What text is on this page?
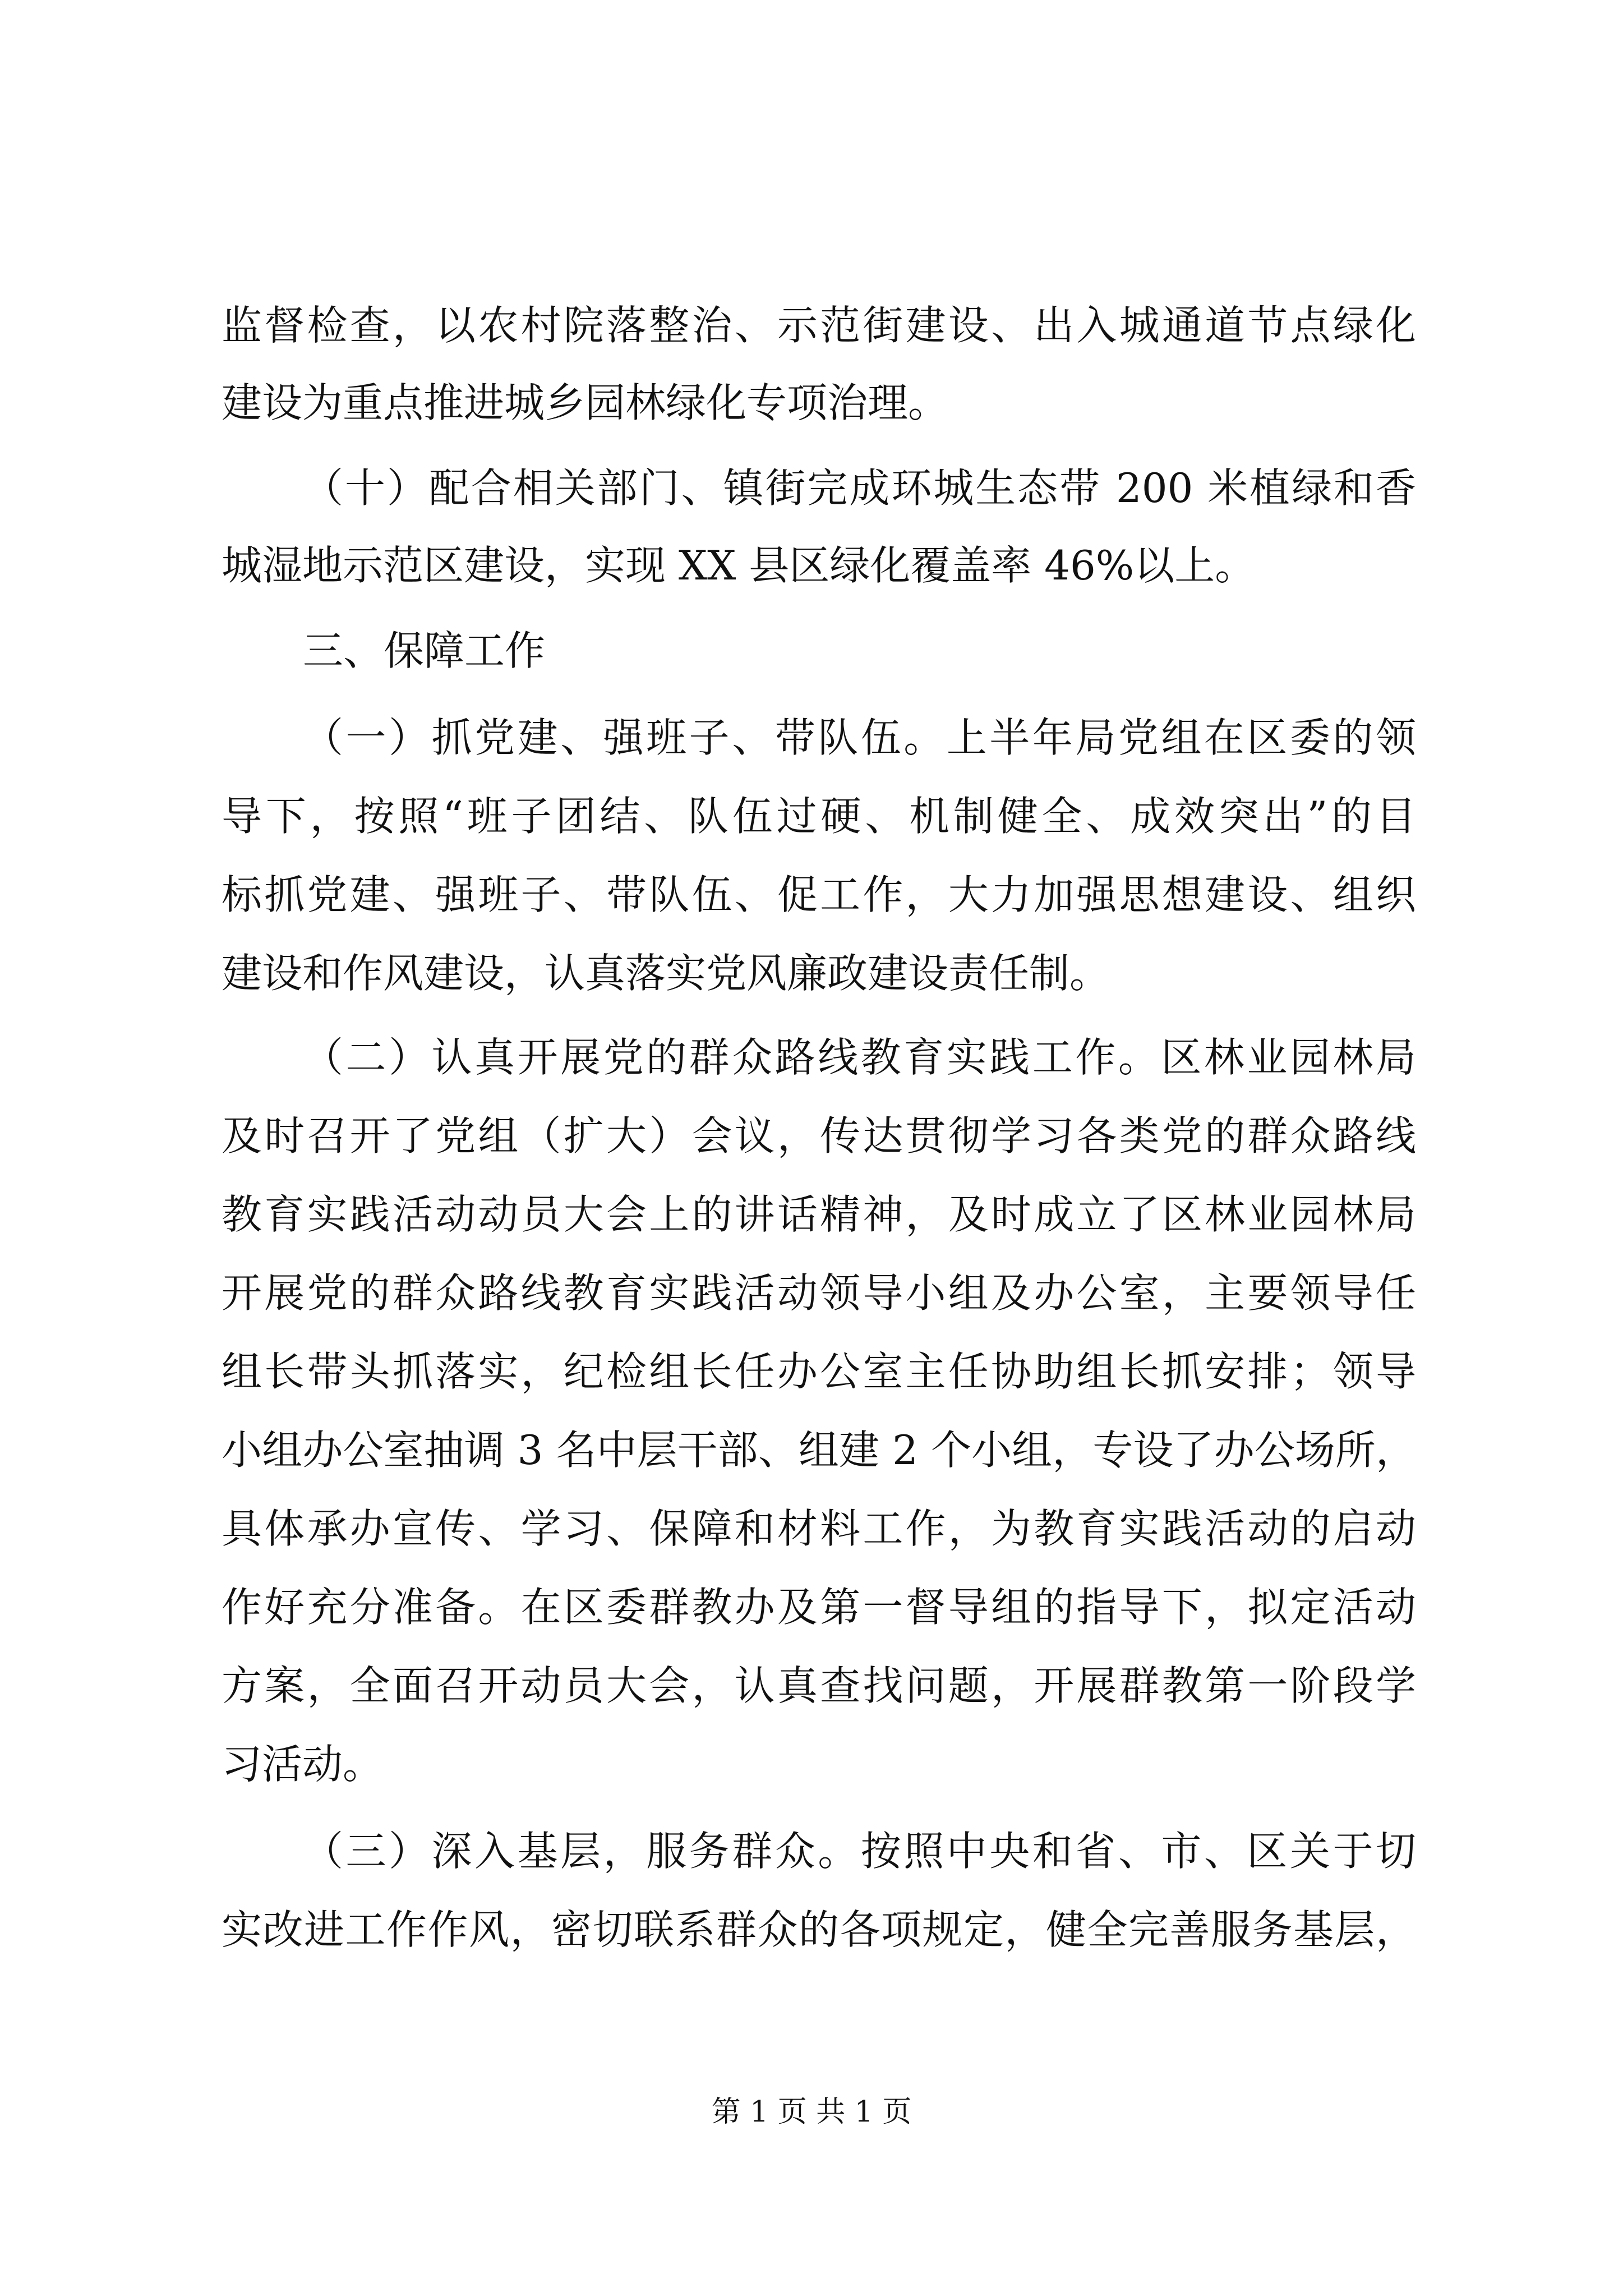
监督检查，以农村院落整治、示范街建设、出入城通道节点绿化
建设为重点推进城乡园林绿化专项治理。
（十）配合相关部门、镇街完成环城生态带 200 米植绿和香
城湿地示范区建设，实现 XX 县区绿化覆盖率 46%以上。
三、保障工作
（一）抓党建、强班子、带队伍。上半年局党组在区委的领
导下，按照“班子团结、队伍过硬、机制健全、成效突出”的目
标抓党建、强班子、带队伍、促工作，大力加强思想建设、组织
建设和作风建设，认真落实党风廉政建设责任制。
（二）认真开展党的群众路线教育实践工作。区林业园林局
及时召开了党组（扩大）会议，传达贯彻学习各类党的群众路线
教育实践活动动员大会上的讲话精神，及时成立了区林业园林局
开展党的群众路线教育实践活动领导小组及办公室，主要领导任
组长带头抓落实，纪检组长任办公室主任协助组长抓安排；领导
小组办公室抽调 3 名中层干部、组建 2 个小组，专设了办公场所，
具体承办宣传、学习、保障和材料工作，为教育实践活动的启动
作好充分准备。在区委群教办及第一督导组的指导下，拟定活动
方案，全面召开动员大会，认真查找问题，开展群教第一阶段学
习活动。
（三）深入基层，服务群众。按照中央和省、市、区关于切
实改进工作作风，密切联系群众的各项规定，健全完善服务基层，
第 1 页 共 1 页
